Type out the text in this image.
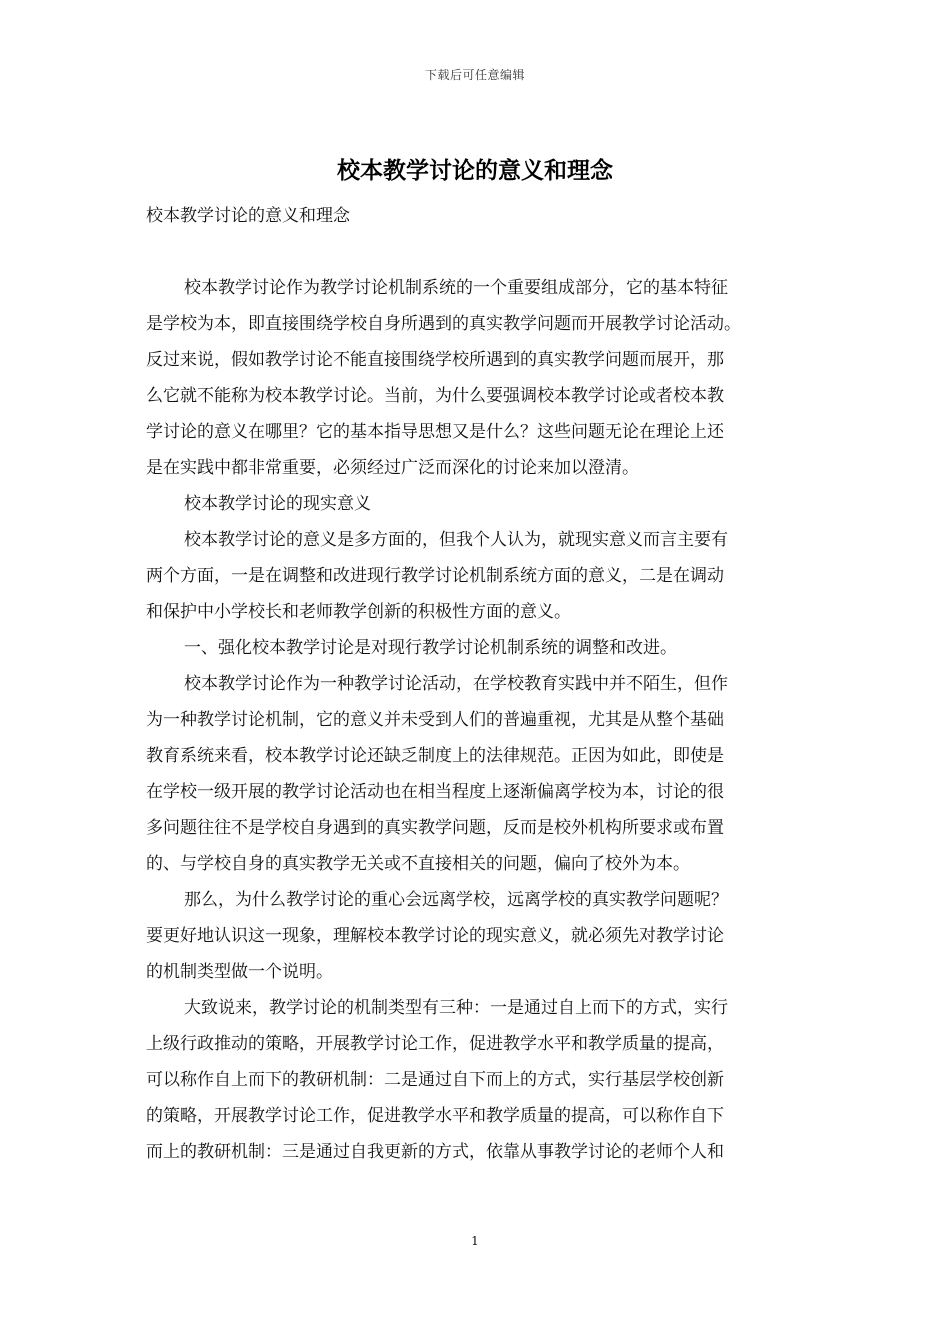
下载后可任意编辑
校本教学讨论的意义和理念

校本教学讨论的意义和理念

校本教学讨论作为教学讨论机制系统的一个重要组成部分，它的基本特征
是学校为本，即直接围绕学校自身所遇到的真实教学问题而开展教学讨论活动。
反过来说，假如教学讨论不能直接围绕学校所遇到的真实教学问题而展开，那
么它就不能称为校本教学讨论。当前，为什么要强调校本教学讨论或者校本教
学讨论的意义在哪里？它的基本指导思想又是什么？这些问题无论在理论上还
是在实践中都非常重要，必须经过广泛而深化的讨论来加以澄清。
校本教学讨论的现实意义
校本教学讨论的意义是多方面的，但我个人认为，就现实意义而言主要有
两个方面，一是在调整和改进现行教学讨论机制系统方面的意义，二是在调动
和保护中小学校长和老师教学创新的积极性方面的意义。
一、强化校本教学讨论是对现行教学讨论机制系统的调整和改进。
校本教学讨论作为一种教学讨论活动，在学校教育实践中并不陌生，但作
为一种教学讨论机制，它的意义并未受到人们的普遍重视，尤其是从整个基础
教育系统来看，校本教学讨论还缺乏制度上的法律规范。正因为如此，即使是
在学校一级开展的教学讨论活动也在相当程度上逐渐偏离学校为本，讨论的很
多问题往往不是学校自身遇到的真实教学问题，反而是校外机构所要求或布置
的、与学校自身的真实教学无关或不直接相关的问题，偏向了校外为本。
那么，为什么教学讨论的重心会远离学校，远离学校的真实教学问题呢？
要更好地认识这一现象，理解校本教学讨论的现实意义，就必须先对教学讨论
的机制类型做一个说明。
大致说来，教学讨论的机制类型有三种：一是通过自上而下的方式，实行
上级行政推动的策略，开展教学讨论工作，促进教学水平和教学质量的提高，
可以称作自上而下的教研机制：二是通过自下而上的方式，实行基层学校创新
的策略，开展教学讨论工作，促进教学水平和教学质量的提高，可以称作自下
而上的教研机制：三是通过自我更新的方式，依靠从事教学讨论的老师个人和
1
